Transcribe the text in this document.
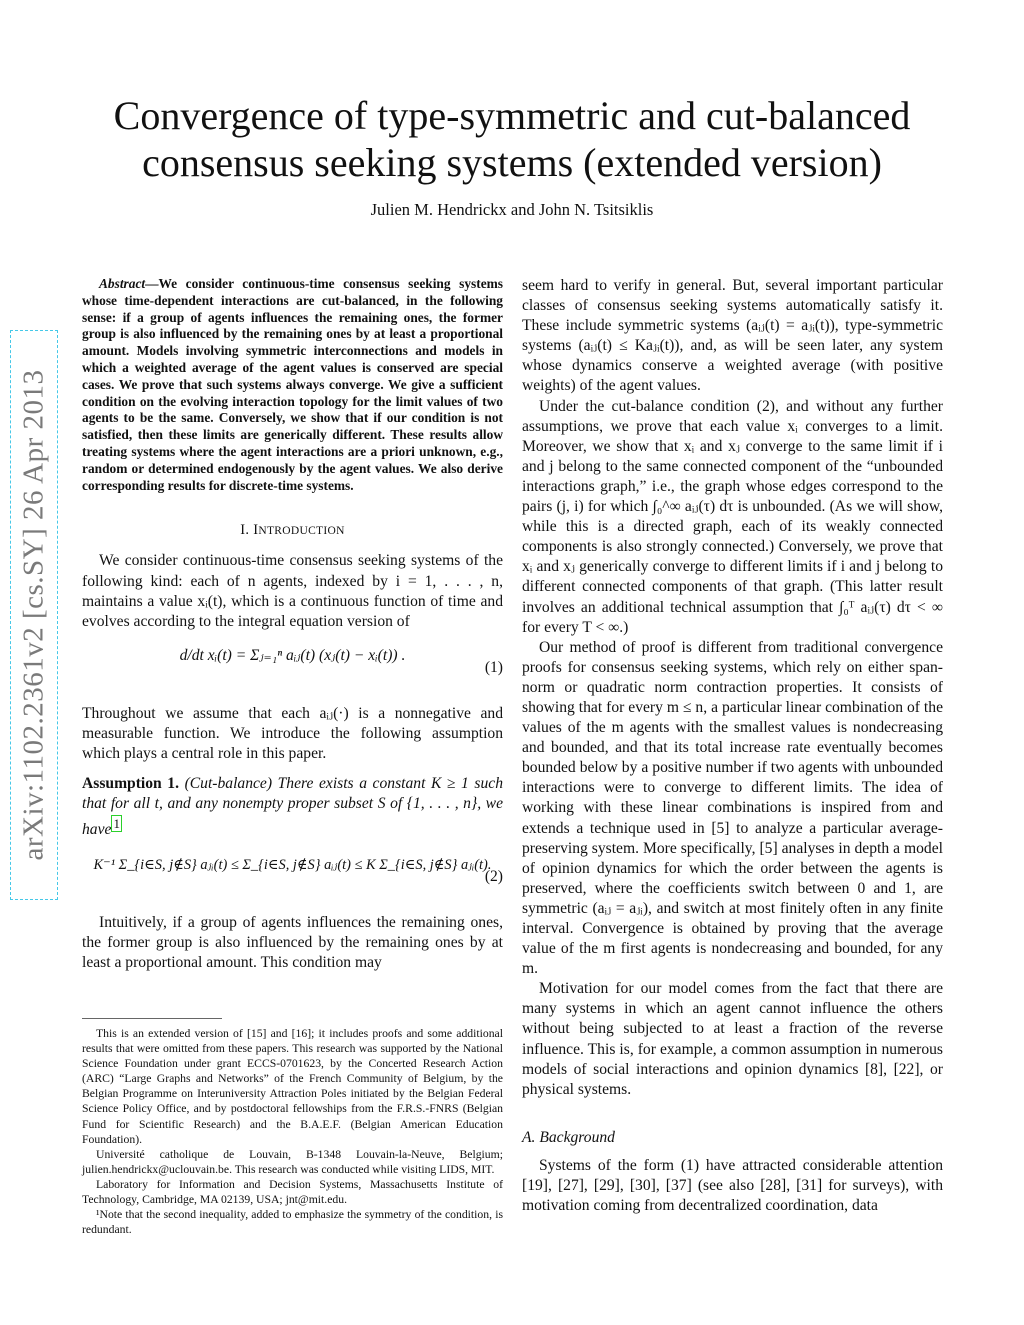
Convergence of type-symmetric and cut-balanced
consensus seeking systems (extended version)
Julien M. Hendrickx and John N. Tsitsiklis
arXiv:1102.2361v2 [cs.SY] 26 Apr 2013

Abstract—We consider continuous-time consensus seeking systems whose time-dependent interactions are cut-balanced, in the following sense: if a group of agents influences the remaining ones, the former group is also influenced by the remaining ones by at least a proportional amount. Models involving symmetric interconnections and models in which a weighted average of the agent values is conserved are special cases. We prove that such systems always converge. We give a sufficient condition on the evolving interaction topology for the limit values of two agents to be the same. Conversely, we show that if our condition is not satisfied, then these limits are generically different. These results allow treating systems where the agent interactions are a priori unknown, e.g., random or determined endogenously by the agent values. We also derive corresponding results for discrete-time systems.

I. INTRODUCTION

We consider continuous-time consensus seeking systems of the following kind: each of n agents, indexed by i = 1, . . . , n, maintains a value xᵢ(t), which is a continuous function of time and evolves according to the integral equation version of

d/dt xᵢ(t) = Σⱼ₌₁ⁿ aᵢⱼ(t) (xⱼ(t) − xᵢ(t)) .
(1)

Throughout we assume that each aᵢⱼ(·) is a nonnegative and measurable function. We introduce the following assumption which plays a central role in this paper.

Assumption 1. (Cut-balance) There exists a constant K ≥ 1 such that for all t, and any nonempty proper subset S of {1, . . . , n}, we have $^1$

K⁻¹ Σ_{i∈S, j∉S} aⱼᵢ(t) ≤ Σ_{i∈S, j∉S} aᵢⱼ(t) ≤ K Σ_{i∈S, j∉S} aⱼᵢ(t).
(2)

Intuitively, if a group of agents influences the remaining ones, the former group is also influenced by the remaining ones by at least a proportional amount. This condition may

This is an extended version of [15] and [16]; it includes proofs and some additional results that were omitted from these papers. This research was supported by the National Science Foundation under grant ECCS-0701623, by the Concerted Research Action (ARC) “Large Graphs and Networks” of the French Community of Belgium, by the Belgian Programme on Interuniversity Attraction Poles initiated by the Belgian Federal Science Policy Office, and by postdoctoral fellowships from the F.R.S.-FNRS (Belgian Fund for Scientific Research) and the B.A.E.F. (Belgian American Education Foundation).

Université catholique de Louvain, B-1348 Louvain-la-Neuve, Belgium; julien.hendrickx@uclouvain.be. This research was conducted while visiting LIDS, MIT.

Laboratory for Information and Decision Systems, Massachusetts Institute of Technology, Cambridge, MA 02139, USA; jnt@mit.edu.

¹Note that the second inequality, added to emphasize the symmetry of the condition, is redundant.

seem hard to verify in general. But, several important particular classes of consensus seeking systems automatically satisfy it. These include symmetric systems (aᵢⱼ(t) = aⱼᵢ(t)), type-symmetric systems (aᵢⱼ(t) ≤ Kaⱼᵢ(t)), and, as will be seen later, any system whose dynamics conserve a weighted average (with positive weights) of the agent values.

Under the cut-balance condition (2), and without any further assumptions, we prove that each value xᵢ converges to a limit. Moreover, we show that xᵢ and xⱼ converge to the same limit if i and j belong to the same connected component of the “unbounded interactions graph,” i.e., the graph whose edges correspond to the pairs (j, i) for which ∫₀^∞ aᵢⱼ(τ) dτ is unbounded. (As we will show, while this is a directed graph, each of its weakly connected components is also strongly connected.) Conversely, we prove that xᵢ and xⱼ generically converge to different limits if i and j belong to different connected components of that graph. (This latter result involves an additional technical assumption that ∫₀ᵀ aᵢⱼ(τ) dτ < ∞ for every T < ∞.)

Our method of proof is different from traditional convergence proofs for consensus seeking systems, which rely on either span-norm or quadratic norm contraction properties. It consists of showing that for every m ≤ n, a particular linear combination of the values of the m agents with the smallest values is nondecreasing and bounded, and that its total increase rate eventually becomes bounded below by a positive number if two agents with unbounded interactions were to converge to different limits. The idea of working with these linear combinations is inspired from and extends a technique used in [5] to analyze a particular average-preserving system. More specifically, [5] analyses in depth a model of opinion dynamics for which the order between the agents is preserved, where the coefficients switch between 0 and 1, are symmetric (aᵢⱼ = aⱼᵢ), and switch at most finitely often in any finite interval. Convergence is obtained by proving that the average value of the m first agents is nondecreasing and bounded, for any m.

Motivation for our model comes from the fact that there are many systems in which an agent cannot influence the others without being subjected to at least a fraction of the reverse influence. This is, for example, a common assumption in numerous models of social interactions and opinion dynamics [8], [22], or physical systems.

A. Background

Systems of the form (1) have attracted considerable attention [19], [27], [29], [30], [37] (see also [28], [31] for surveys), with motivation coming from decentralized coordination, data
